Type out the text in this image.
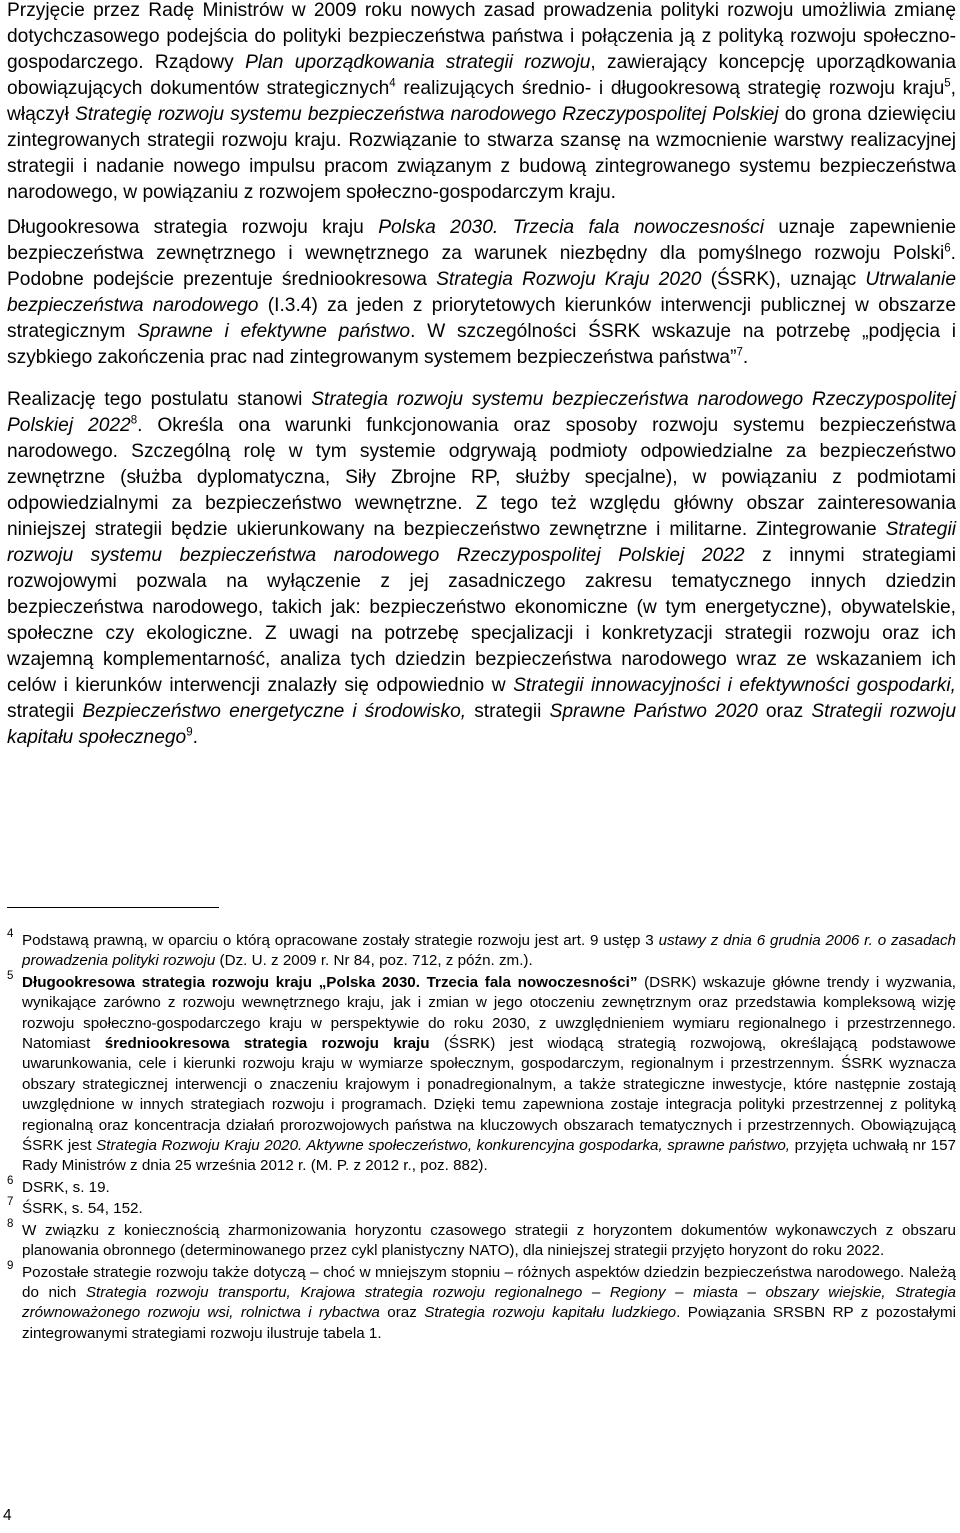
Przyjęcie przez Radę Ministrów w 2009 roku nowych zasad prowadzenia polityki rozwoju umożliwia zmianę dotychczasowego podejścia do polityki bezpieczeństwa państwa i połączenia ją z polityką rozwoju społeczno-gospodarczego. Rządowy Plan uporządkowania strategii rozwoju, zawierający koncepcję uporządkowania obowiązujących dokumentów strategicznych$^4$ realizujących średnio- i długookresową strategię rozwoju kraju$^5$, włączył Strategię rozwoju systemu bezpieczeństwa narodowego Rzeczypospolitej Polskiej do grona dziewięciu zintegrowanych strategii rozwoju kraju. Rozwiązanie to stwarza szansę na wzmocnienie warstwy realizacyjnej strategii i nadanie nowego impulsu pracom związanym z budową zintegrowanego systemu bezpieczeństwa narodowego, w powiązaniu z rozwojem społeczno-gospodarczym kraju.

Długookresowa strategia rozwoju kraju Polska 2030. Trzecia fala nowoczesności uznaje zapewnienie bezpieczeństwa zewnętrznego i wewnętrznego za warunek niezbędny dla pomyślnego rozwoju Polski$^6$. Podobne podejście prezentuje średniookresowa Strategia Rozwoju Kraju 2020 (ŚSRK), uznając Utrwalanie bezpieczeństwa narodowego (I.3.4) za jeden z priorytetowych kierunków interwencji publicznej w obszarze strategicznym Sprawne i efektywne państwo. W szczególności ŚSRK wskazuje na potrzebę „podjęcia i szybkiego zakończenia prac nad zintegrowanym systemem bezpieczeństwa państwa”$^7$.

Realizację tego postulatu stanowi Strategia rozwoju systemu bezpieczeństwa narodowego Rzeczypospolitej Polskiej 2022$^8$. Określa ona warunki funkcjonowania oraz sposoby rozwoju systemu bezpieczeństwa narodowego. Szczególną rolę w tym systemie odgrywają podmioty odpowiedzialne za bezpieczeństwo zewnętrzne (służba dyplomatyczna, Siły Zbrojne RP, służby specjalne), w powiązaniu z podmiotami odpowiedzialnymi za bezpieczeństwo wewnętrzne. Z tego też względu główny obszar zainteresowania niniejszej strategii będzie ukierunkowany na bezpieczeństwo zewnętrzne i militarne. Zintegrowanie Strategii rozwoju systemu bezpieczeństwa narodowego Rzeczypospolitej Polskiej 2022 z innymi strategiami rozwojowymi pozwala na wyłączenie z jej zasadniczego zakresu tematycznego innych dziedzin bezpieczeństwa narodowego, takich jak: bezpieczeństwo ekonomiczne (w tym energetyczne), obywatelskie, społeczne czy ekologiczne. Z uwagi na potrzebę specjalizacji i konkretyzacji strategii rozwoju oraz ich wzajemną komplementarność, analiza tych dziedzin bezpieczeństwa narodowego wraz ze wskazaniem ich celów i kierunków interwencji znalazły się odpowiednio w Strategii innowacyjności i efektywności gospodarki, strategii Bezpieczeństwo energetyczne i środowisko, strategii Sprawne Państwo 2020 oraz Strategii rozwoju kapitału społecznego$^9$.

4 Podstawą prawną, w oparciu o którą opracowane zostały strategie rozwoju jest art. 9 ustęp 3 ustawy z dnia 6 grudnia 2006 r. o zasadach prowadzenia polityki rozwoju (Dz. U. z 2009 r. Nr 84, poz. 712, z późn. zm.).
5 Długookresowa strategia rozwoju kraju „Polska 2030. Trzecia fala nowoczesności” (DSRK) wskazuje główne trendy i wyzwania, wynikające zarówno z rozwoju wewnętrznego kraju, jak i zmian w jego otoczeniu zewnętrznym oraz przedstawia kompleksową wizję rozwoju społeczno-gospodarczego kraju w perspektywie do roku 2030, z uwzględnieniem wymiaru regionalnego i przestrzennego. Natomiast średniookresowa strategia rozwoju kraju (ŚSRK) jest wiodącą strategią rozwojową, określającą podstawowe uwarunkowania, cele i kierunki rozwoju kraju w wymiarze społecznym, gospodarczym, regionalnym i przestrzennym. ŚSRK wyznacza obszary strategicznej interwencji o znaczeniu krajowym i ponadregionalnym, a także strategiczne inwestycje, które następnie zostają uwzględnione w innych strategiach rozwoju i programach. Dzięki temu zapewniona zostaje integracja polityki przestrzennej z polityką regionalną oraz koncentracja działań prorozwojowych państwa na kluczowych obszarach tematycznych i przestrzennych. Obowiązującą ŚSRK jest Strategia Rozwoju Kraju 2020. Aktywne społeczeństwo, konkurencyjna gospodarka, sprawne państwo, przyjęta uchwałą nr 157 Rady Ministrów z dnia 25 września 2012 r. (M. P. z 2012 r., poz. 882).
6 DSRK, s. 19.
7 ŚSRK, s. 54, 152.
8 W związku z koniecznością zharmonizowania horyzontu czasowego strategii z horyzontem dokumentów wykonawczych z obszaru planowania obronnego (determinowanego przez cykl planistyczny NATO), dla niniejszej strategii przyjęto horyzont do roku 2022.
9 Pozostałe strategie rozwoju także dotyczą – choć w mniejszym stopniu – różnych aspektów dziedzin bezpieczeństwa narodowego. Należą do nich Strategia rozwoju transportu, Krajowa strategia rozwoju regionalnego – Regiony – miasta – obszary wiejskie, Strategia zrównoważonego rozwoju wsi, rolnictwa i rybactwa oraz Strategia rozwoju kapitału ludzkiego. Powiązania SRSBN RP z pozostałymi zintegrowanymi strategiami rozwoju ilustruje tabela 1.
4
